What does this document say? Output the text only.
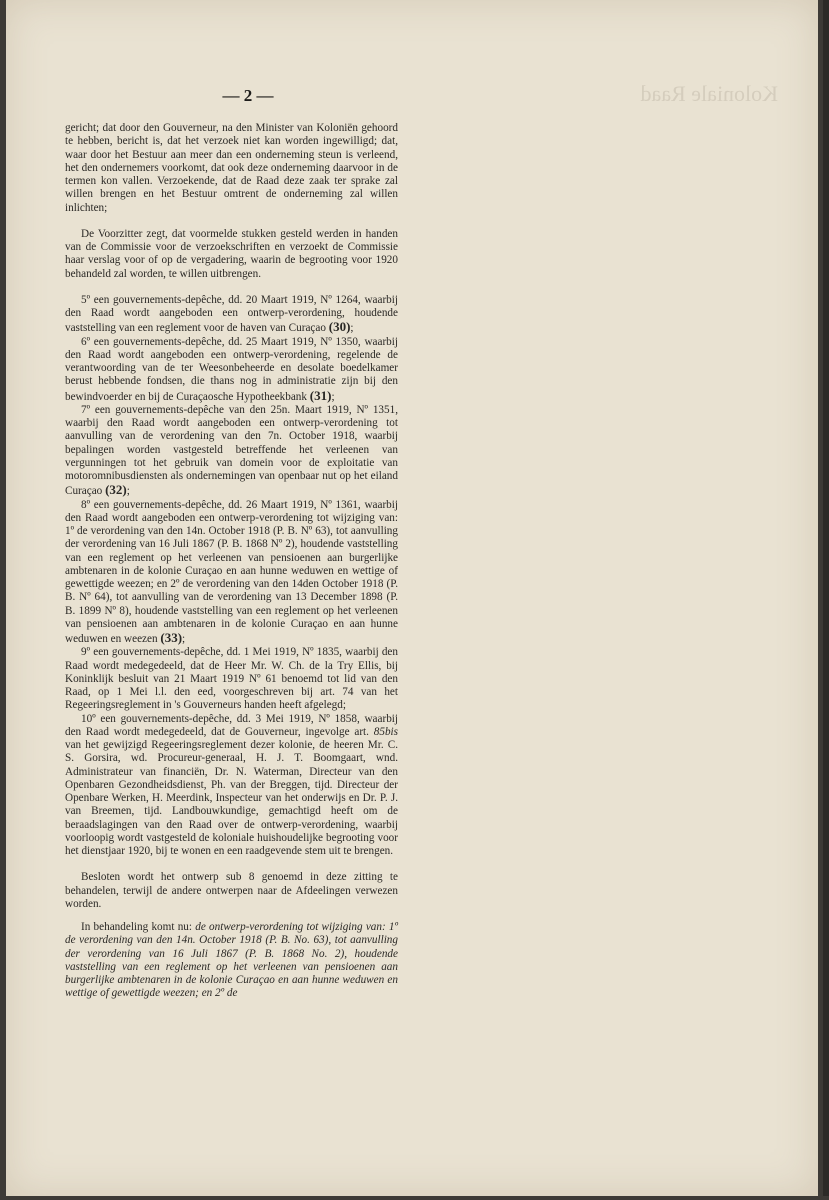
Koloniale Raad
— 2 —

gericht; dat door den Gouverneur, na den Minister van Koloniën gehoord te hebben, bericht is, dat het verzoek niet kan worden ingewilligd; dat, waar door het Bestuur aan meer dan een onderneming steun is verleend, het den ondernemers voorkomt, dat ook deze onderneming daarvoor in de termen kon vallen. Verzoekende, dat de Raad deze zaak ter sprake zal willen brengen en het Bestuur omtrent de onderneming zal willen inlichten;

De Voorzitter zegt, dat voormelde stukken gesteld werden in handen van de Commissie voor de verzoekschriften en verzoekt de Commissie haar verslag voor of op de vergadering, waarin de begrooting voor 1920 behandeld zal worden, te willen uitbrengen.

5º een gouvernements-depêche, dd. 20 Maart 1919, Nº 1264, waarbij den Raad wordt aangeboden een ontwerp-verordening, houdende vaststelling van een reglement voor de haven van Curaçao (30);

6º een gouvernements-depêche, dd. 25 Maart 1919, Nº 1350, waarbij den Raad wordt aangeboden een ontwerp-verordening, regelende de verantwoording van de ter Weesonbeheerde en desolate boedelkamer berust hebbende fondsen, die thans nog in administratie zijn bij den bewindvoerder en bij de Curaçaosche Hypotheekbank (31);

7º een gouvernements-depêche van den 25n. Maart 1919, Nº 1351, waarbij den Raad wordt aangeboden een ontwerp-verordening tot aanvulling van de verordening van den 7n. October 1918, waarbij bepalingen worden vastgesteld betreffende het verleenen van vergunningen tot het gebruik van domein voor de exploitatie van motoromnibusdiensten als ondernemingen van openbaar nut op het eiland Curaçao (32);

8º een gouvernements-depêche, dd. 26 Maart 1919, Nº 1361, waarbij den Raad wordt aangeboden een ontwerp-verordening tot wijziging van: 1º de verordening van den 14n. October 1918 (P. B. Nº 63), tot aanvulling der verordening van 16 Juli 1867 (P. B. 1868 Nº 2), houdende vaststelling van een reglement op het verleenen van pensioenen aan burgerlijke ambtenaren in de kolonie Curaçao en aan hunne weduwen en wettige of gewettigde weezen; en 2º de verordening van den 14den October 1918 (P. B. Nº 64), tot aanvulling van de verordening van 13 December 1898 (P. B. 1899 Nº 8), houdende vaststelling van een reglement op het verleenen van pensioenen aan ambtenaren in de kolonie Curaçao en aan hunne weduwen en weezen (33);

9º een gouvernements-depêche, dd. 1 Mei 1919, Nº 1835, waarbij den Raad wordt medegedeeld, dat de Heer Mr. W. Ch. de la Try Ellis, bij Koninklijk besluit van 21 Maart 1919 Nº 61 benoemd tot lid van den Raad, op 1 Mei l.l. den eed, voorgeschreven bij art. 74 van het Regeeringsreglement in 's Gouverneurs handen heeft afgelegd;

10º een gouvernements-depêche, dd. 3 Mei 1919, Nº 1858, waarbij den Raad wordt medegedeeld, dat de Gouverneur, ingevolge art. 85bis van het gewijzigd Regeeringsreglement dezer kolonie, de heeren Mr. C. S. Gorsira, wd. Procureur-generaal, H. J. T. Boomgaart, wnd. Administrateur van financiën, Dr. N. Waterman, Directeur van den Openbaren Gezondheidsdienst, Ph. van der Breggen, tijd. Directeur der Openbare Werken, H. Meerdink, Inspecteur van het onderwijs en Dr. P. J. van Breemen, tijd. Landbouwkundige, gemachtigd heeft om de beraadslagingen van den Raad over de ontwerp-verordening, waarbij voorloopig wordt vastgesteld de koloniale huishoudelijke begrooting voor het dienstjaar 1920, bij te wonen en een raadgevende stem uit te brengen.

Besloten wordt het ontwerp sub 8 genoemd in deze zitting te behandelen, terwijl de andere ontwerpen naar de Afdeelingen verwezen worden.

In behandeling komt nu: de ontwerp-verordening tot wijziging van: 1º de verordening van den 14n. October 1918 (P. B. No. 63), tot aanvulling der verordening van 16 Juli 1867 (P. B. 1868 No. 2), houdende vaststelling van een reglement op het verleenen van pensioenen aan burgerlijke ambtenaren in de kolonie Curaçao en aan hunne weduwen en wettige of gewettigde weezen; en 2º de
